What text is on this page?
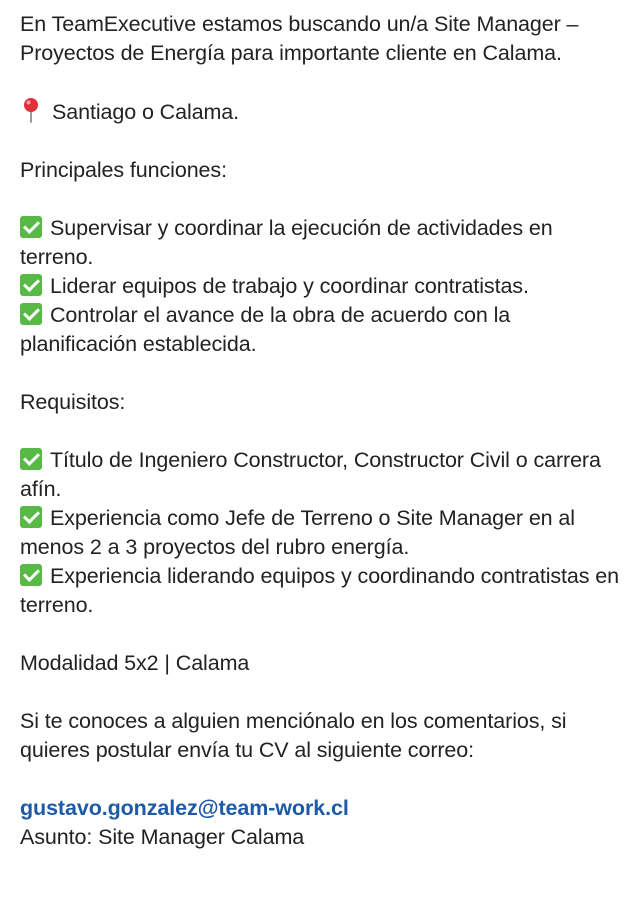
En TeamExecutive estamos buscando un/a Site Manager – Proyectos de Energía para importante cliente en Calama.

Santiago o Calama.

Principales funciones:

Supervisar y coordinar la ejecución de actividades en terreno.

Liderar equipos de trabajo y coordinar contratistas.

Controlar el avance de la obra de acuerdo con la planificación establecida.

Requisitos:

Título de Ingeniero Constructor, Constructor Civil o carrera afín.

Experiencia como Jefe de Terreno o Site Manager en al menos 2 a 3 proyectos del rubro energía.

Experiencia liderando equipos y coordinando contratistas en terreno.

Modalidad 5x2 | Calama

Si te conoces a alguien menciónalo en los comentarios, si quieres postular envía tu CV al siguiente correo:

gustavo.gonzalez@team-work.cl

Asunto: Site Manager Calama
